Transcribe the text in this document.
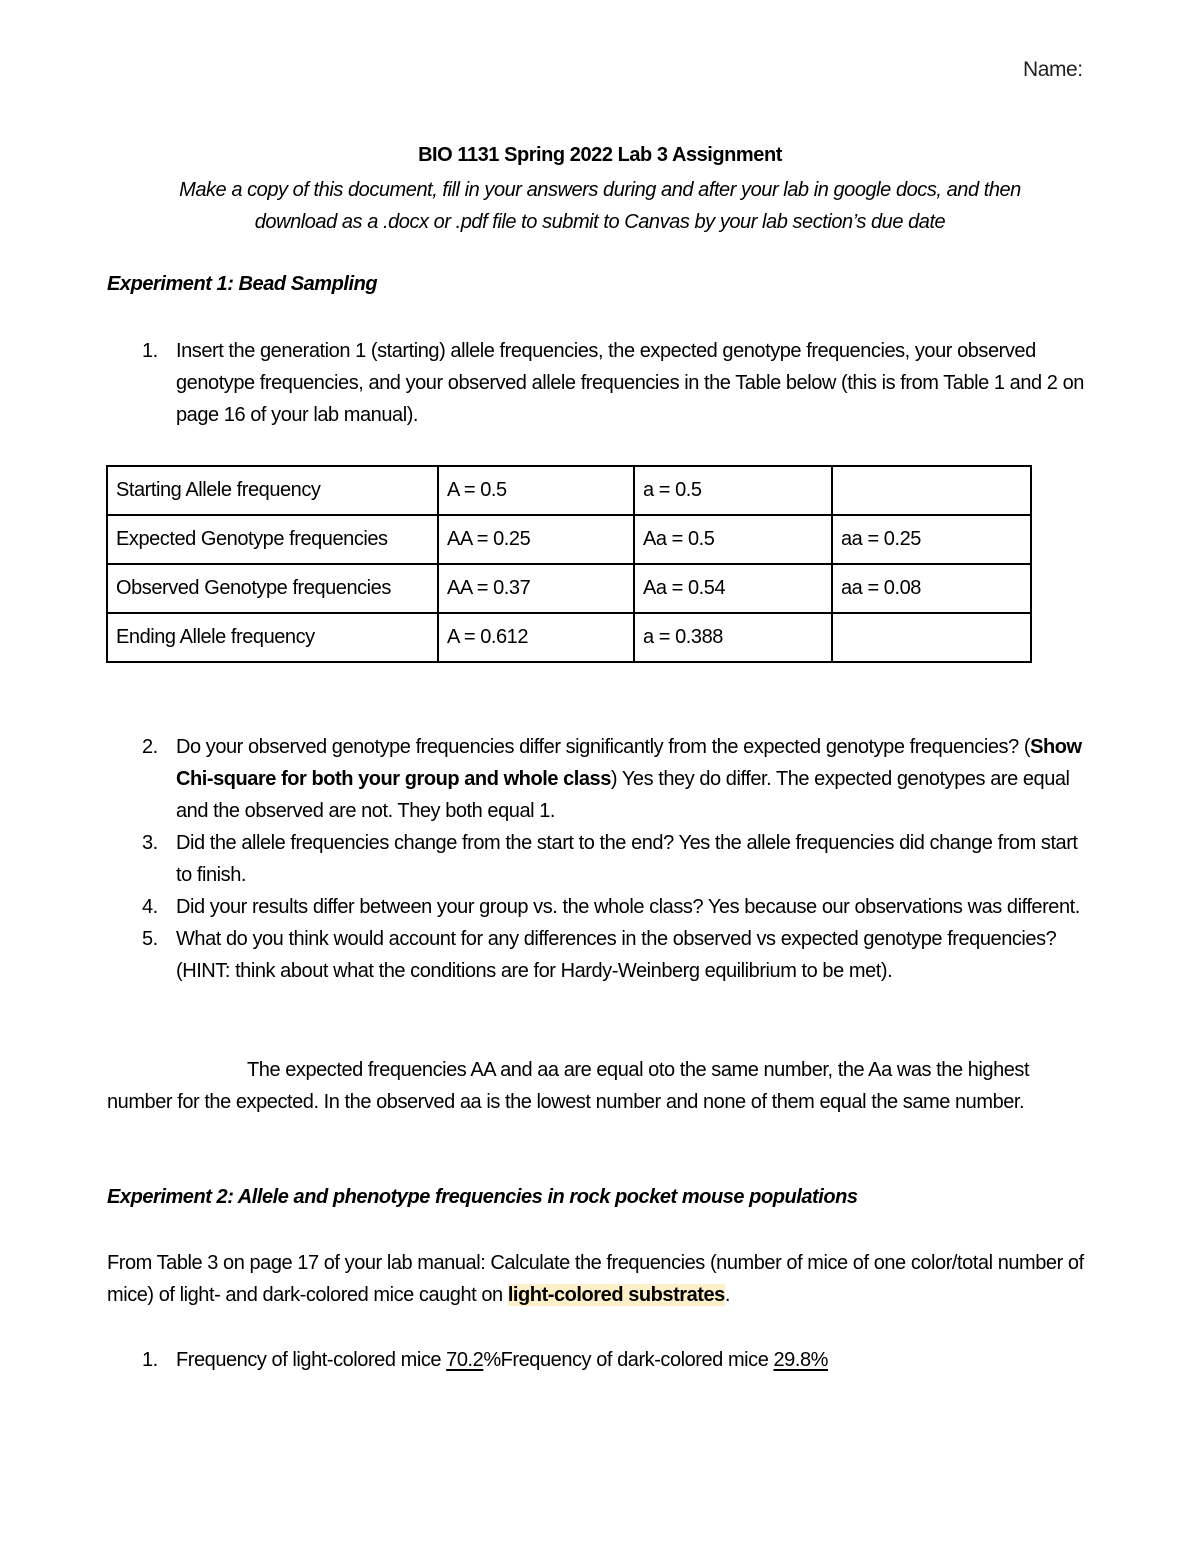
Name:
BIO 1131 Spring 2022 Lab 3 Assignment
Make a copy of this document, fill in your answers during and after your lab in google docs, and then
download as a .docx or .pdf file to submit to Canvas by your lab section’s due date
Experiment 1: Bead Sampling
1. Insert the generation 1 (starting) allele frequencies, the expected genotype frequencies, your observed genotype frequencies, and your observed allele frequencies in the Table below (this is from Table 1 and 2 on page 16 of your lab manual).
Starting Allele frequency	A = 0.5	a = 0.5	
Expected Genotype frequencies	AA = 0.25	Aa = 0.5	aa = 0.25
Observed Genotype frequencies	AA = 0.37	Aa = 0.54	aa = 0.08
Ending Allele frequency	A = 0.612	a = 0.388	
2. Do your observed genotype frequencies differ significantly from the expected genotype frequencies? (Show Chi-square for both your group and whole class) Yes they do differ. The expected genotypes are equal and the observed are not. They both equal 1.
3. Did the allele frequencies change from the start to the end? Yes the allele frequencies did change from start to finish.
4. Did your results differ between your group vs. the whole class? Yes because our observations was different.
5. What do you think would account for any differences in the observed vs expected genotype frequencies? (HINT: think about what the conditions are for Hardy-Weinberg equilibrium to be met).
The expected frequencies AA and aa are equal oto the same number, the Aa was the highest number for the expected. In the observed aa is the lowest number and none of them equal the same number.
Experiment 2: Allele and phenotype frequencies in rock pocket mouse populations
From Table 3 on page 17 of your lab manual: Calculate the frequencies (number of mice of one color/total number of mice) of light- and dark-colored mice caught on light-colored substrates.
1. Frequency of light-colored mice 70.2%Frequency of dark-colored mice 29.8%
